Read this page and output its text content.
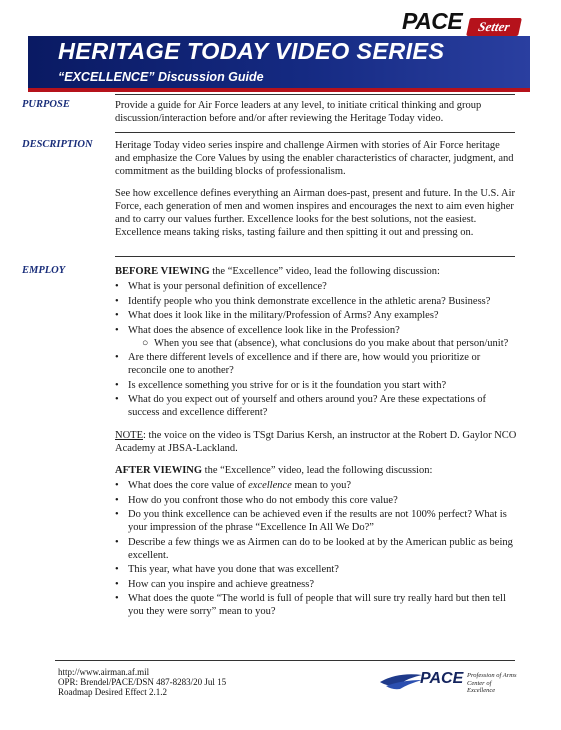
PACE	Setter
HERITAGE TODAY VIDEO SERIES
“EXCELLENCE” Discussion Guide
PURPOSE	Provide a guide for Air Force leaders at any level, to initiate critical thinking and group discussion/interaction before and/or after reviewing the Heritage Today video.
DESCRIPTION Heritage Today video series inspire and challenge Airmen with stories of Air Force heritage and emphasize the Core Values by using the enabler characteristics of character, judgment, and commitment as the building blocks of professionalism.
See how excellence defines everything an Airman does-past, present and future. In the U.S. Air Force, each generation of men and women inspires and encourages the next to aim even higher and to carry our values further. Excellence looks for the best solutions, not the easiest. Excellence means taking risks, tasting failure and then spitting it out and pressing on.
EMPLOY	BEFORE VIEWING the “Excellence” video, lead the following discussion:

• What is your personal definition of excellence?
• Identify people who you think demonstrate excellence in the athletic arena? Business?
• What does it look like in the military/Profession of Arms? Any examples?
• What does the absence of excellence look like in the Profession?
○ When you see that (absence), what conclusions do you make about that person/unit?
• Are there different levels of excellence and if there are, how would you prioritize or reconcile one to another?
• Is excellence something you strive for or is it the foundation you start with?
• What do you expect out of yourself and others around you? Are these expectations of success and excellence different?

NOTE: the voice on the video is TSgt Darius Kersh, an instructor at the Robert D. Gaylor NCO Academy at JBSA-Lackland.

AFTER VIEWING the “Excellence” video, lead the following discussion:

• What does the core value of excellence mean to you?
• How do you confront those who do not embody this core value?
• Do you think excellence can be achieved even if the results are not 100% perfect? What is your impression of the phrase “Excellence In All We Do?”
• Describe a few things we as Airmen can do to be looked at by the American public as being excellent.
• This year, what have you done that was excellent?
• How can you inspire and achieve greatness?
• What does the quote “The world is full of people that will sure try really hard but then tell you they were sorry” mean to you?
http://www.airman.af.mil
OPR: Brendel/PACE/DSN 487-8283/20 Jul 15
Roadmap Desired Effect 2.1.2
PACE Profession of Arms
Center of Excellence
